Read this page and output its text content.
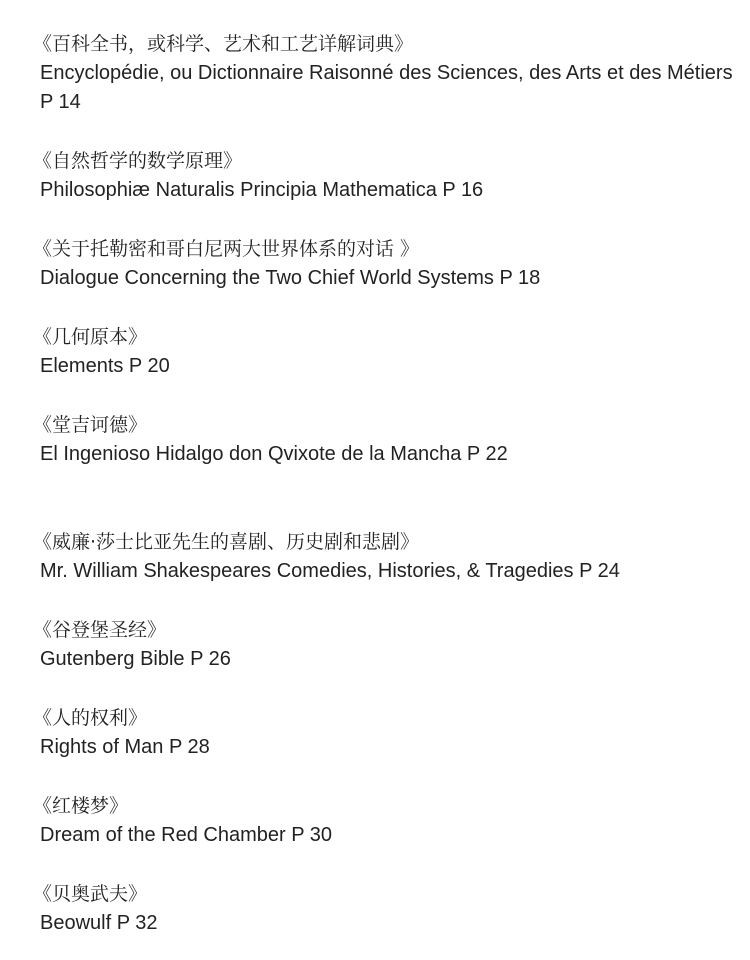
《百科全书，或科学、艺术和工艺详解词典》
Encyclopédie, ou Dictionnaire Raisonné des Sciences, des Arts et des Métiers P 14
《自然哲学的数学原理》
Philosophiæ Naturalis Principia Mathematica P 16
《关于托勒密和哥白尼两大世界体系的对话 》
Dialogue Concerning the Two Chief World Systems P 18
《几何原本》
Elements P 20
《堂吉诃德》
El Ingenioso Hidalgo don Qvixote de la Mancha P 22
《威廉·莎士比亚先生的喜剧、历史剧和悲剧》
Mr. William Shakespeares Comedies, Histories, & Tragedies P 24
《谷登堡圣经》
Gutenberg Bible P 26
《人的权利》
Rights of Man P 28
《红楼梦》
Dream of the Red Chamber P 30
《贝奥武夫》
Beowulf P 32
